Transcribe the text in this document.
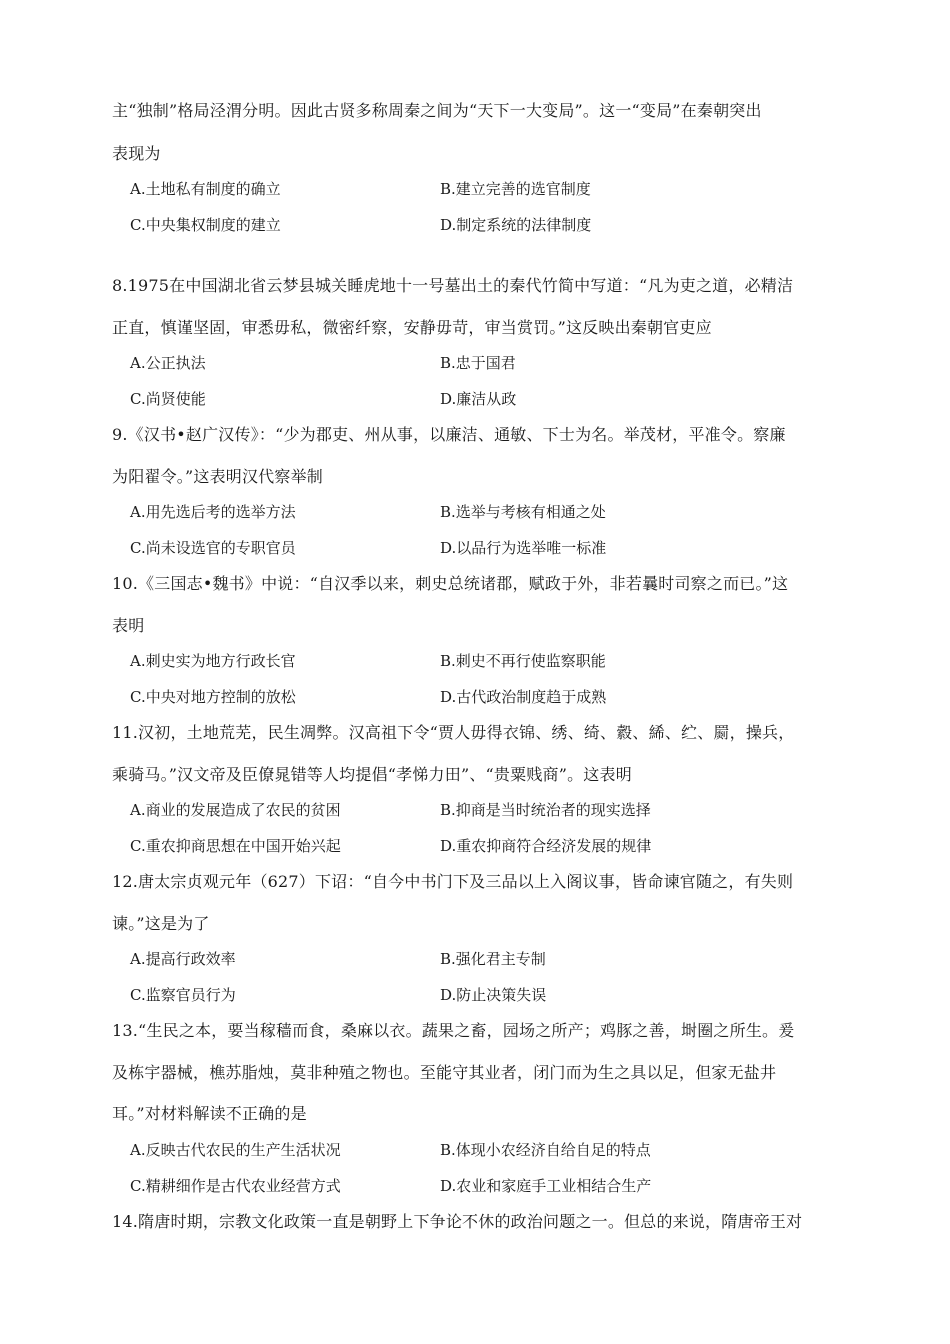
主“独制”格局泾渭分明。因此古贤多称周秦之间为“天下一大变局”。这一“变局”在秦朝突出
表现为
A.土地私有制度的确立	B.建立完善的选官制度
C.中央集权制度的建立	D.制定系统的法律制度
8.1975在中国湖北省云梦县城关睡虎地十一号墓出土的秦代竹简中写道：“凡为吏之道，必精洁
正直，慎谨坚固，审悉毋私，微密纤察，安静毋苛，审当赏罚。”这反映出秦朝官吏应
A.公正执法	B.忠于国君
C.尚贤使能	D.廉洁从政
9.《汉书•赵广汉传》：“少为郡吏、州从事，以廉洁、通敏、下士为名。举茂材，平准令。察廉
为阳翟令。”这表明汉代察举制
A.用先选后考的选举方法	B.选举与考核有相通之处
C.尚未设选官的专职官员	D.以品行为选举唯一标准
10.《三国志•魏书》中说：“自汉季以来，刺史总统诸郡，赋政于外，非若曩时司察之而已。”这
表明
A.刺史实为地方行政长官	B.刺史不再行使监察职能
C.中央对地方控制的放松	D.古代政治制度趋于成熟
11.汉初，土地荒芜，民生凋弊。汉高祖下令“贾人毋得衣锦、绣、绮、縠、絺、纻、罽，操兵，
乘骑马。”汉文帝及臣僚晁错等人均提倡“孝悌力田”、“贵粟贱商”。这表明
A.商业的发展造成了农民的贫困	B.抑商是当时统治者的现实选择
C.重农抑商思想在中国开始兴起	D.重农抑商符合经济发展的规律
12.唐太宗贞观元年（627）下诏：“自今中书门下及三品以上入阁议事，皆命谏官随之，有失则
谏。”这是为了
A.提高行政效率	B.强化君主专制
C.监察官员行为	D.防止决策失误
13.“生民之本，要当稼穑而食，桑麻以衣。蔬果之畜，园场之所产；鸡豚之善，埘圈之所生。爰
及栋宇器械，樵苏脂烛，莫非种殖之物也。至能守其业者，闭门而为生之具以足，但家无盐井
耳。”对材料解读不正确的是
A.反映古代农民的生产生活状况	B.体现小农经济自给自足的特点
C.精耕细作是古代农业经营方式	D.农业和家庭手工业相结合生产
14.隋唐时期，宗教文化政策一直是朝野上下争论不休的政治问题之一。但总的来说，隋唐帝王对
